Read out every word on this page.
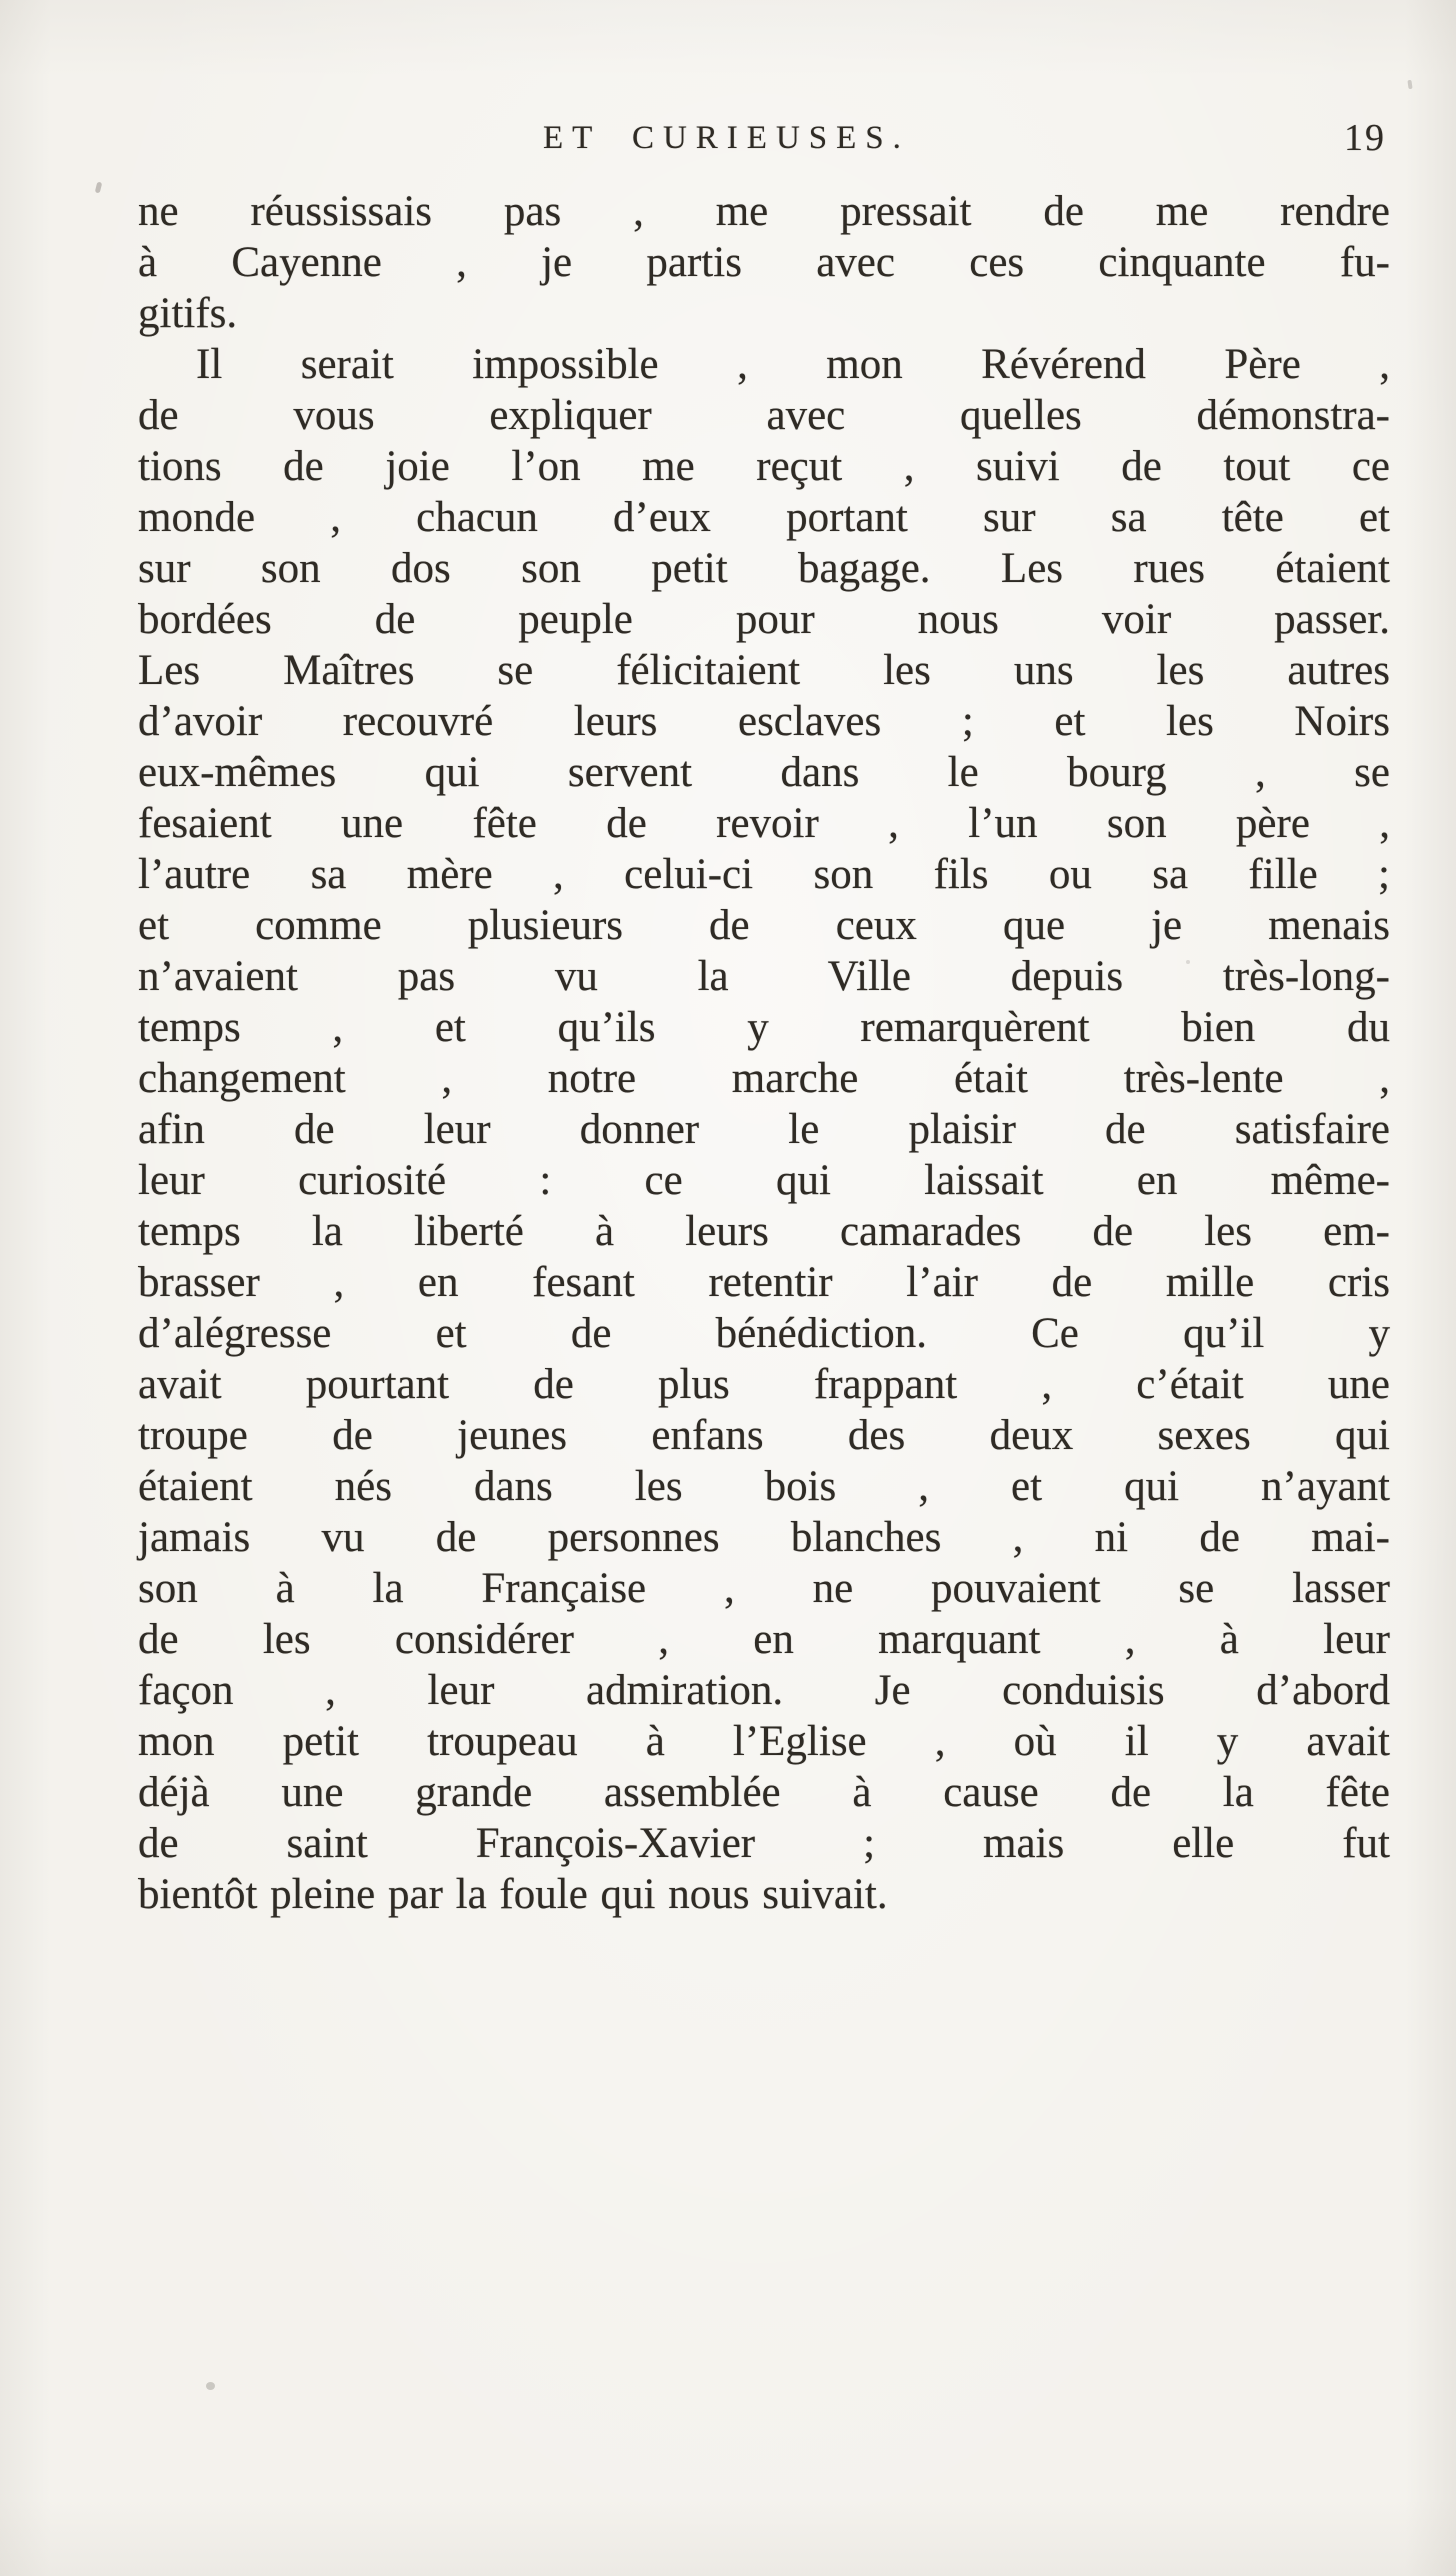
ET CURIEUSES.	19
ne réussissais pas , me pressait de me rendre
à Cayenne , je partis avec ces cinquante fu-
gitifs.
Il serait impossible , mon Révérend Père ,
de vous expliquer avec quelles démonstra-
tions de joie l’on me reçut , suivi de tout ce
monde , chacun d’eux portant sur sa tête et
sur son dos son petit bagage. Les rues étaient
bordées de peuple pour nous voir passer.
Les Maîtres se félicitaient les uns les autres
d’avoir recouvré leurs esclaves ; et les Noirs
eux-mêmes qui servent dans le bourg , se
fesaient une fête de revoir , l’un son père ,
l’autre sa mère , celui-ci son fils ou sa fille ;
et comme plusieurs de ceux que je menais
n’avaient pas vu la Ville depuis très-long-
temps , et qu’ils y remarquèrent bien du
changement , notre marche était très-lente ,
afin de leur donner le plaisir de satisfaire
leur curiosité : ce qui laissait en même-
temps la liberté à leurs camarades de les em-
brasser , en fesant retentir l’air de mille cris
d’alégresse et de bénédiction. Ce qu’il y
avait pourtant de plus frappant , c’était une
troupe de jeunes enfans des deux sexes qui
étaient nés dans les bois , et qui n’ayant
jamais vu de personnes blanches , ni de mai-
son à la Française , ne pouvaient se lasser
de les considérer , en marquant , à leur
façon , leur admiration. Je conduisis d’abord
mon petit troupeau à l’Eglise , où il y avait
déjà une grande assemblée à cause de la fête
de saint François-Xavier ; mais elle fut
bientôt pleine par la foule qui nous suivait.
